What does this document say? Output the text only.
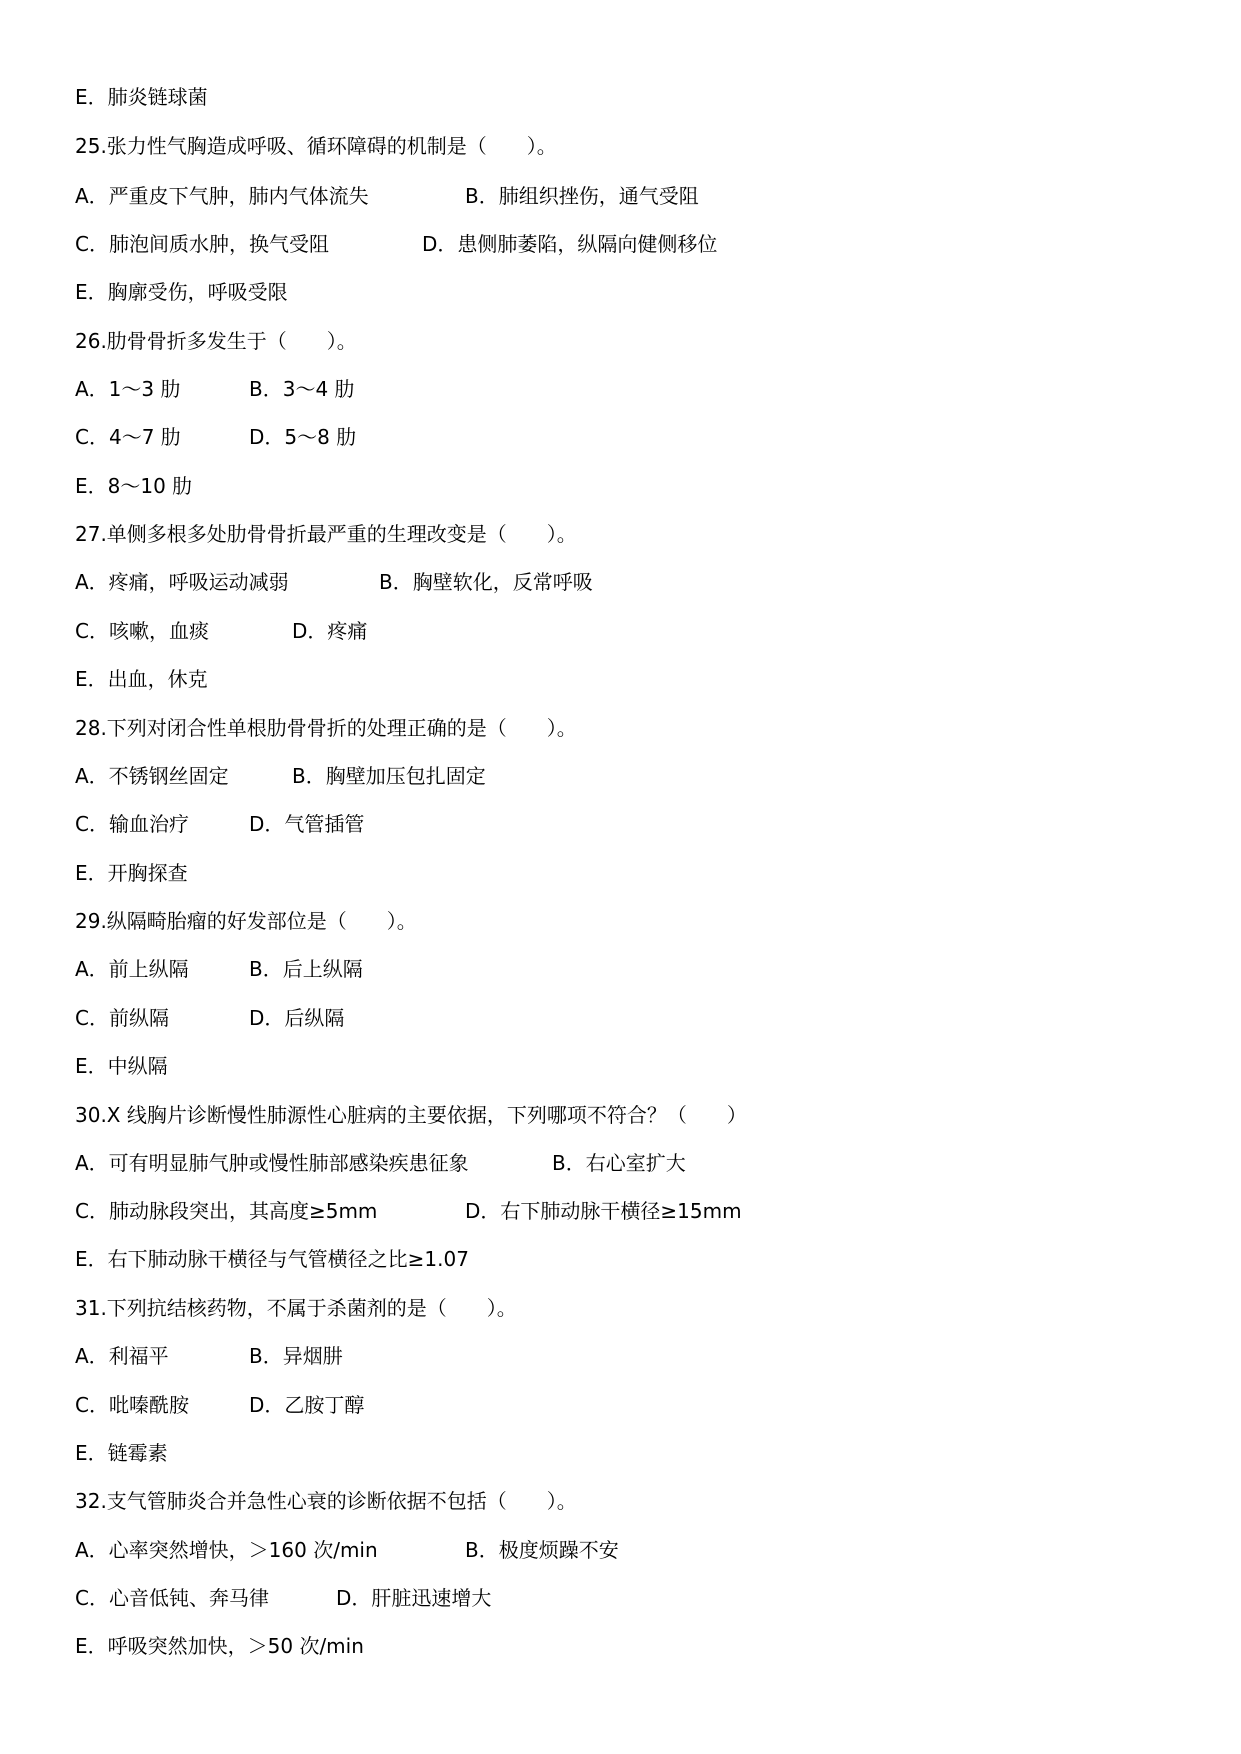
E．肺炎链球菌
25.张力性气胸造成呼吸、循环障碍的机制是（　　）。
A．严重皮下气肿，肺内气体流失	B．肺组织挫伤，通气受阻
C．肺泡间质水肿，换气受阻	D．患侧肺萎陷，纵隔向健侧移位
E．胸廓受伤，呼吸受限
26.肋骨骨折多发生于（　　）。
A．1～3 肋	B．3～4 肋
C．4～7 肋	D．5～8 肋
E．8～10 肋
27.单侧多根多处肋骨骨折最严重的生理改变是（　　）。
A．疼痛，呼吸运动减弱	B．胸壁软化，反常呼吸
C．咳嗽，血痰	D．疼痛
E．出血，休克
28.下列对闭合性单根肋骨骨折的处理正确的是（　　）。
A．不锈钢丝固定	B．胸壁加压包扎固定
C．输血治疗	D．气管插管
E．开胸探查
29.纵隔畸胎瘤的好发部位是（　　）。
A．前上纵隔	B．后上纵隔
C．前纵隔	D．后纵隔
E．中纵隔
30.X 线胸片诊断慢性肺源性心脏病的主要依据，下列哪项不符合？（　　）
A．可有明显肺气肿或慢性肺部感染疾患征象	B．右心室扩大
C．肺动脉段突出，其高度≥5mm	D．右下肺动脉干横径≥15mm
E．右下肺动脉干横径与气管横径之比≥1.07
31.下列抗结核药物，不属于杀菌剂的是（　　）。
A．利福平	B．异烟肼
C．吡嗪酰胺	D．乙胺丁醇
E．链霉素
32.支气管肺炎合并急性心衰的诊断依据不包括（　　）。
A．心率突然增快，＞160 次/min	B．极度烦躁不安
C．心音低钝、奔马律	D．肝脏迅速增大
E．呼吸突然加快，＞50 次/min
